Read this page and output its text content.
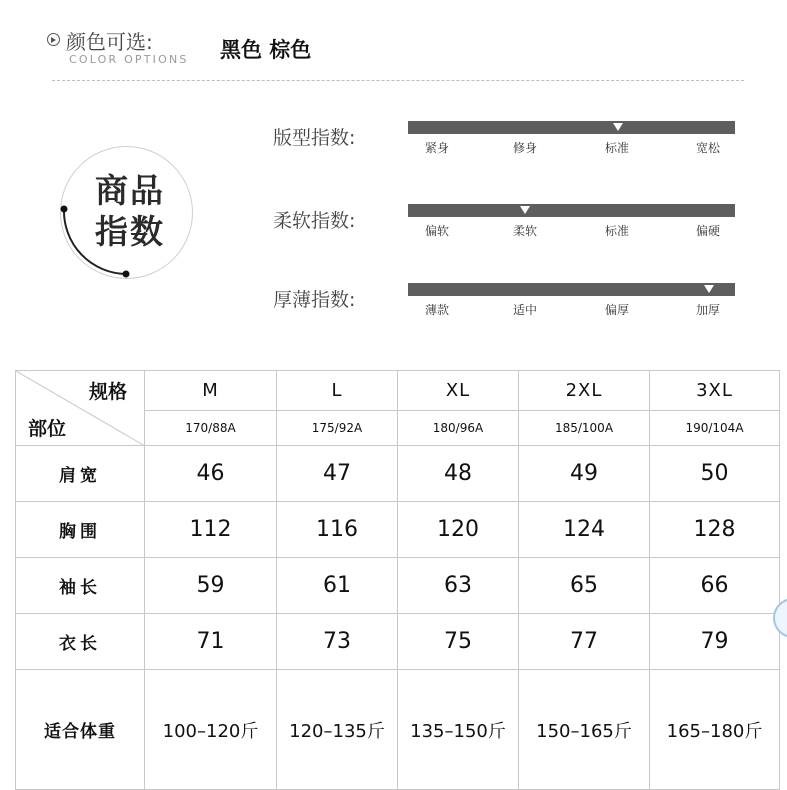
颜色可选:
COLOR OPTIONS 黑色 棕色
商品
指数
版型指数:	紧身	修身	标准	宽松
柔软指数:	偏软	柔软	标准	偏硬
厚薄指数:	薄款	适中	偏厚	加厚
规格
部位	M	L	XL	2XL	3XL
	170/88A	175/92A	180/96A	185/100A	190/104A
肩宽	46	47	48	49	50
胸围	112	116	120	124	128
袖长	59	61	63	65	66
衣长	71	73	75	77	79
适合体重	100–120斤	120–135斤	135–150斤	150–165斤	165–180斤
